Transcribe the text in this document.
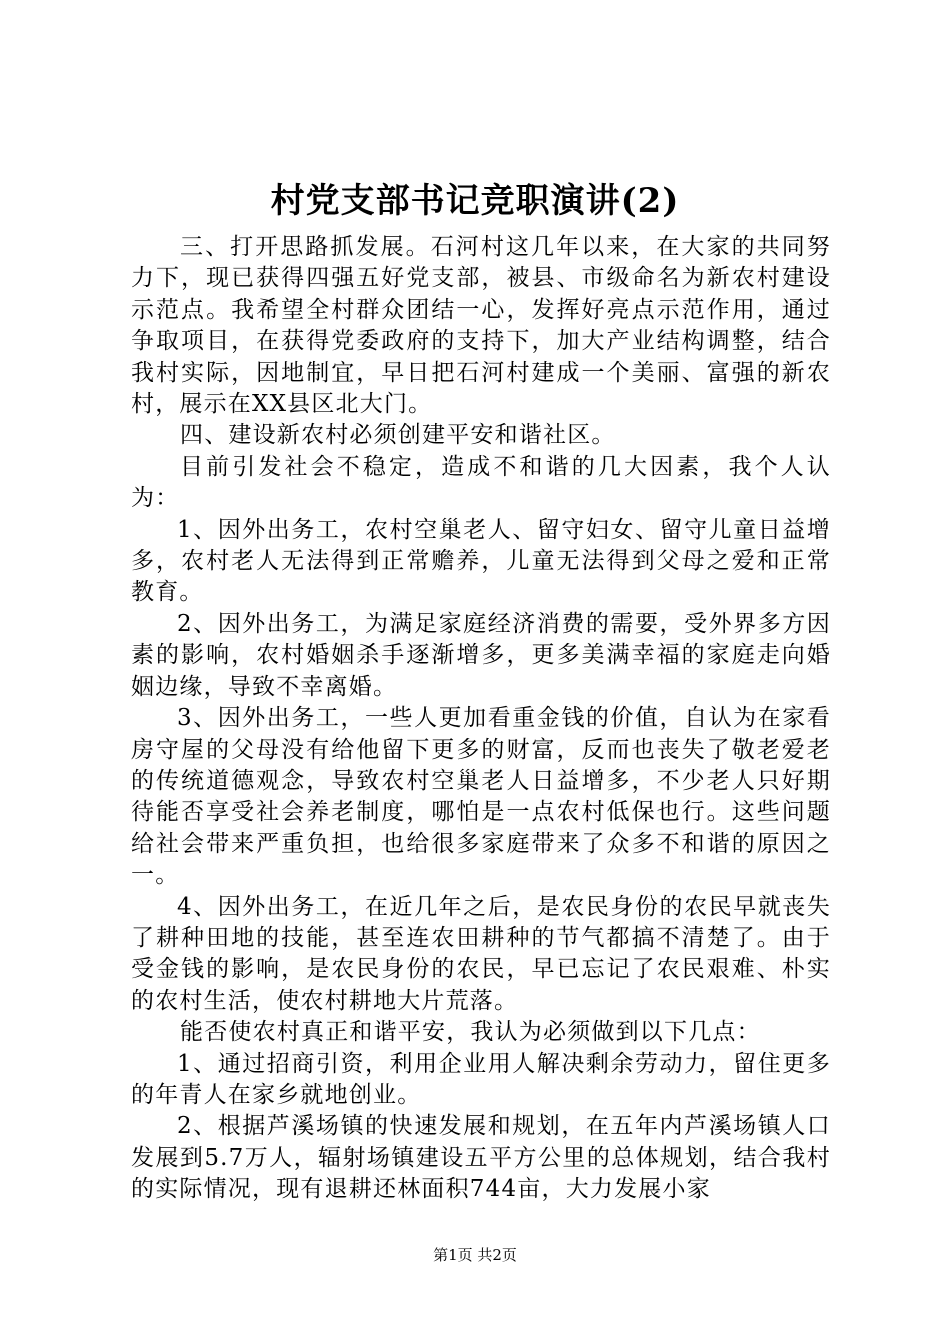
村党支部书记竞职演讲(2)

三、打开思路抓发展。石河村这几年以来，在大家的共同努力下，现已获得四强五好党支部，被县、市级命名为新农村建设示范点。我希望全村群众团结一心，发挥好亮点示范作用，通过争取项目，在获得党委政府的支持下，加大产业结构调整，结合我村实际，因地制宜，早日把石河村建成一个美丽、富强的新农村，展示在XX县区北大门。

四、建设新农村必须创建平安和谐社区。

目前引发社会不稳定，造成不和谐的几大因素，我个人认为：

1、因外出务工，农村空巢老人、留守妇女、留守儿童日益增多，农村老人无法得到正常赡养，儿童无法得到父母之爱和正常教育。

2、因外出务工，为满足家庭经济消费的需要，受外界多方因素的影响，农村婚姻杀手逐渐增多，更多美满幸福的家庭走向婚姻边缘，导致不幸离婚。

3、因外出务工，一些人更加看重金钱的价值，自认为在家看房守屋的父母没有给他留下更多的财富，反而也丧失了敬老爱老的传统道德观念，导致农村空巢老人日益增多，不少老人只好期待能否享受社会养老制度，哪怕是一点农村低保也行。这些问题给社会带来严重负担，也给很多家庭带来了众多不和谐的原因之一。

4、因外出务工，在近几年之后，是农民身份的农民早就丧失了耕种田地的技能，甚至连农田耕种的节气都搞不清楚了。由于受金钱的影响，是农民身份的农民，早已忘记了农民艰难、朴实的农村生活，使农村耕地大片荒落。

能否使农村真正和谐平安，我认为必须做到以下几点：

1、通过招商引资，利用企业用人解决剩余劳动力，留住更多的年青人在家乡就地创业。

2、根据芦溪场镇的快速发展和规划，在五年内芦溪场镇人口发展到5.7万人，辐射场镇建设五平方公里的总体规划，结合我村的实际情况，现有退耕还林面积744亩，大力发展小家

第1页 共2页
